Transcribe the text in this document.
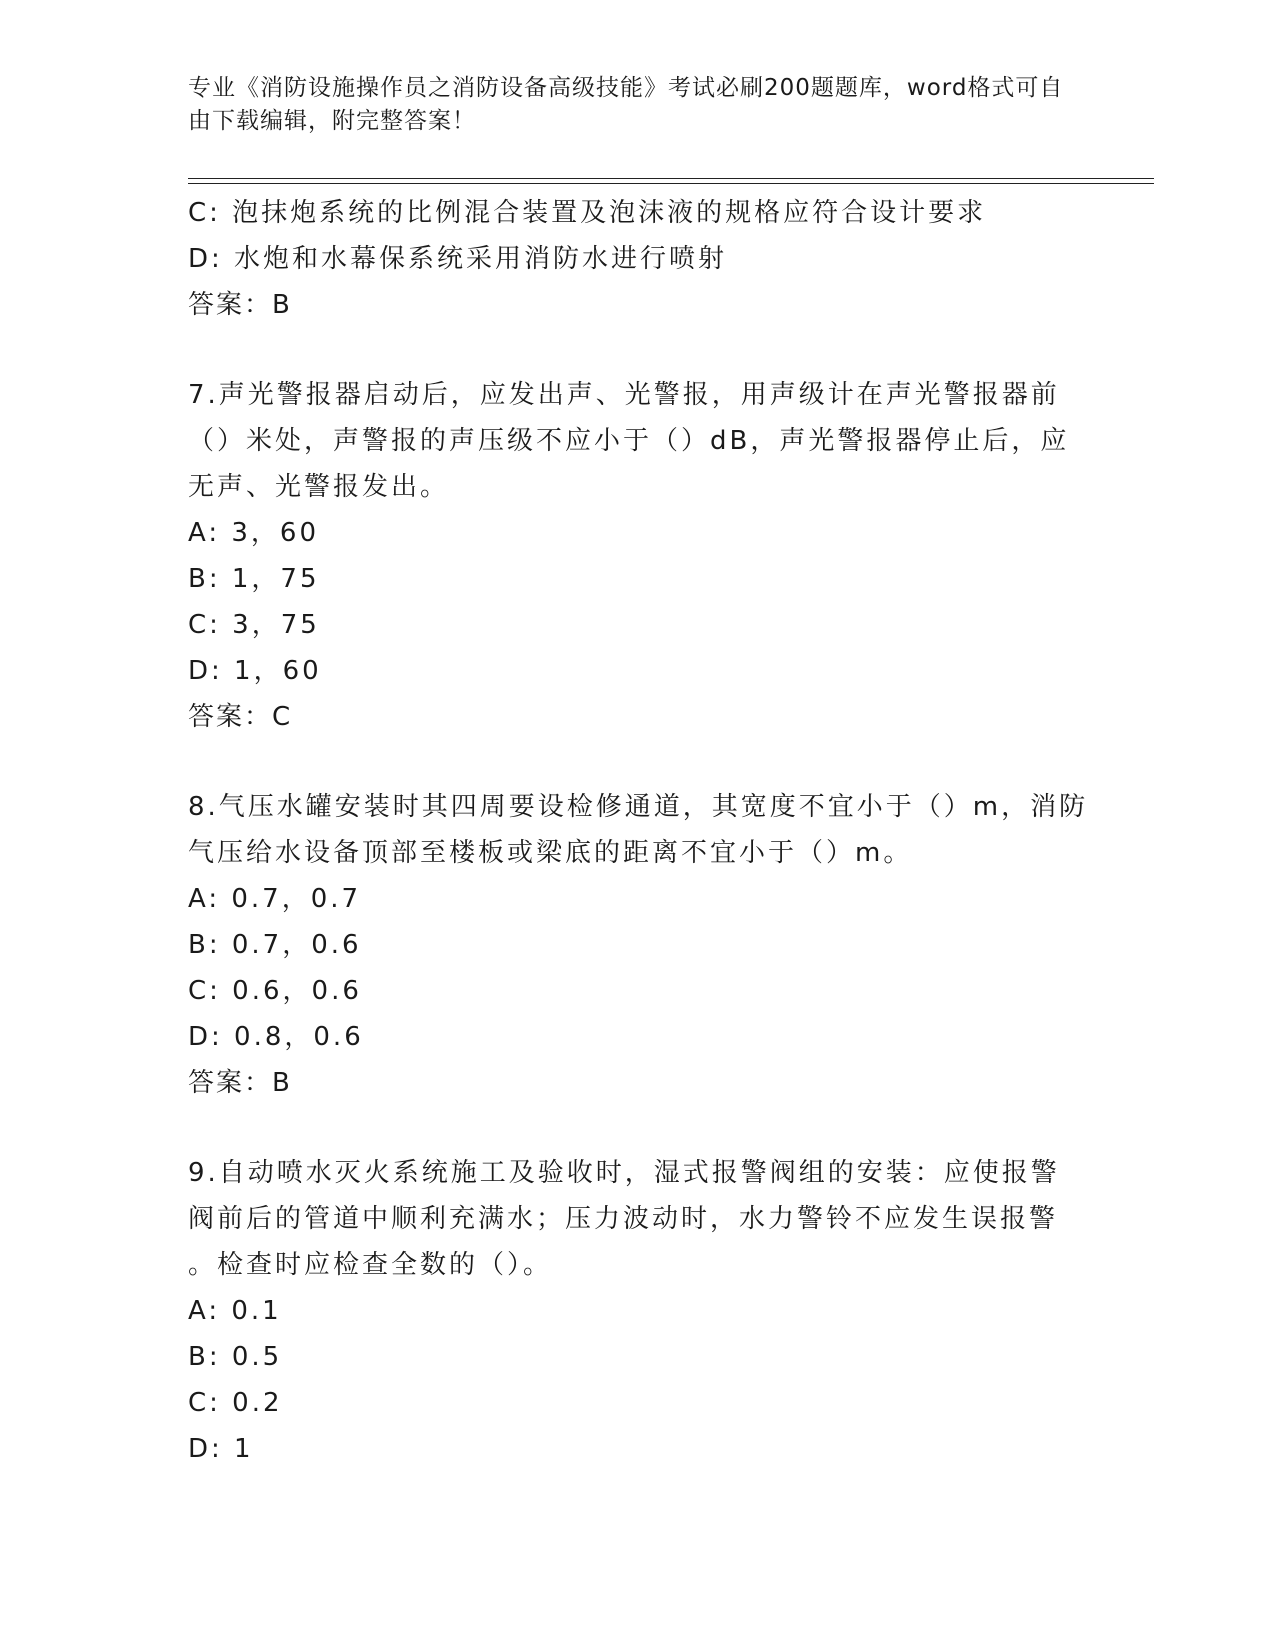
专业《消防设施操作员之消防设备高级技能》考试必刷200题题库，word格式可自由下载编辑，附完整答案！
C: 泡抹炮系统的比例混合装置及泡沫液的规格应符合设计要求
D: 水炮和水幕保系统采用消防水进行喷射
答案：B
7.声光警报器启动后，应发出声、光警报，用声级计在声光警报器前
（）米处，声警报的声压级不应小于（）dB，声光警报器停止后，应
无声、光警报发出。
A: 3，60
B: 1，75
C: 3，75
D: 1，60
答案：C
8.气压水罐安装时其四周要设检修通道，其宽度不宜小于（）m，消防
气压给水设备顶部至楼板或梁底的距离不宜小于（）m。
A: 0.7，0.7
B: 0.7，0.6
C: 0.6，0.6
D: 0.8，0.6
答案：B
9.自动喷水灭火系统施工及验收时，湿式报警阀组的安装：应使报警
阀前后的管道中顺利充满水；压力波动时，水力警铃不应发生误报警
。检查时应检查全数的（）。
A: 0.1
B: 0.5
C: 0.2
D: 1
